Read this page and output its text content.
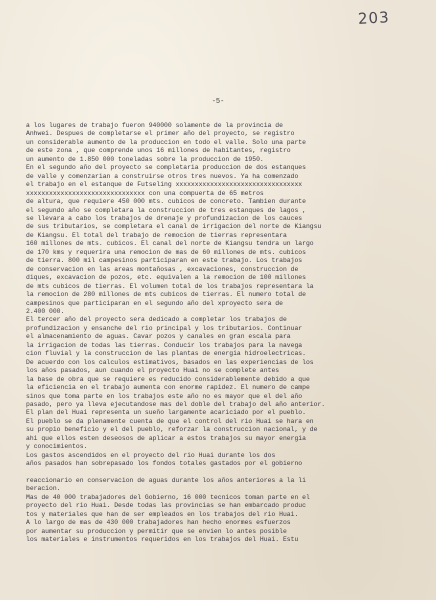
203
-5-
a los lugares de trabajo fueron 940000 solamente de la provincia de
Anhwei. Despues de completarse el primer año del proyecto, se registro
un considerable aumento de la produccion en todo el valle. Solo una parte
de este zona , que comprende unos 16 millones de habitantes, registro
un aumento de 1.850 000 toneladas sobre la produccion de 1950.
En el segundo año del proyecto se completaria produccion de dos estanques
de valle y comenzarian a construirse otros tres nuevos. Ya ha comenzado
el trabajo en el estanque de Futseling xxxxxxxxxxxxxxxxxxxxxxxxxxxxxxxxx
xxxxxxxxxxxxxxxxxxxxxxxxxxxxxxx con una compuerta de 65 metros
de altura, que requiere 450 000 mts. cubicos de concreto. Tambien durante
el segundo año se completara la construccion de tres estanques de lagos ,
se llevara a cabo los trabajos de drenaje y profundizacion de los cauces
de sus tributarios, se completara el canal de irrigacion del norte de Kiangsu
de Kiangsu. El total del trabajo de remocion de tierras representara
160 millones de mts. cubicos. El canal del norte de Kiangsu tendra un largo
de 170 kms y requerira una remocion de mas de 60 millones de mts. cubicos
de tierra. 800 mil campesinos participaran en este trabajo. Los trabajos
de conservacion en las areas montañosas , excavaciones, construccion de
diques, excavacion de pozos, etc. equivalen a la remocion de 100 millones
de mts cubicos de tierras. El volumen total de los trabajos representara la
la remocion de 280 millones de mts cubicos de tierras. El numero total de
campesinos que participaran en el segundo año del xproyecto sera de
2.400 000.
El tercer año del proyecto sera dedicado a completar los trabajos de
profundizacion y ensanche del rio principal y los tributarios. Continuar
el almacenamiento de aguas. Cavar pozos y canales en gran escala para
la irrigacion de todas las tierras. Conducir los trabajos para la navega
cion fluvial y la construccion de las plantas de energia hidroelectricas.
De acuerdo con los calculos estimativos, basados en las experiencias de los
los años pasados, aun cuando el proyecto Huai no se complete antes
la base de obra que se requiere es reducido considerablemente debido a que
la eficiencia en el trabajo aumenta con enorme rapidez. El numero de campe
sinos que toma parte en los trabajos este año no es mayor que el del año
pasado, pero ya lleva ejecutandose mas del doble del trabajo del año anterior.
El plan del Huai representa un sueño largamente acariciado por el pueblo.
El pueblo se da plenamente cuenta de que el control del rio Huai se hara en
su propio beneficio y el del pueblo, reforzar la construccion nacional, y de
ahi que ellos esten deseosos de aplicar a estos trabajos su mayor energia
y conocimientos.
Los gastos ascendidos en el proyecto del rio Huai durante los dos
años pasados han sobrepasado los fondos totales gastados por el gobierno

reaccionario en conservacion de aguas durante los años anteriores a la li
beracion.
Mas de 40 000 trabajadores del Gobierno, 16 000 tecnicos toman parte en el
proyecto del rio Huai. Desde todas las provincias se han embarcado produc
tos y materiales que han de ser empleados en los trabajos del rio Huai.
A lo largo de mas de 430 000 trabajadores han hecho enormes esfuerzos
por aumentar su produccion y permitir que se envien lo antes posible
los materiales e instrumentos requeridos en los trabajos del Huai. Estu
